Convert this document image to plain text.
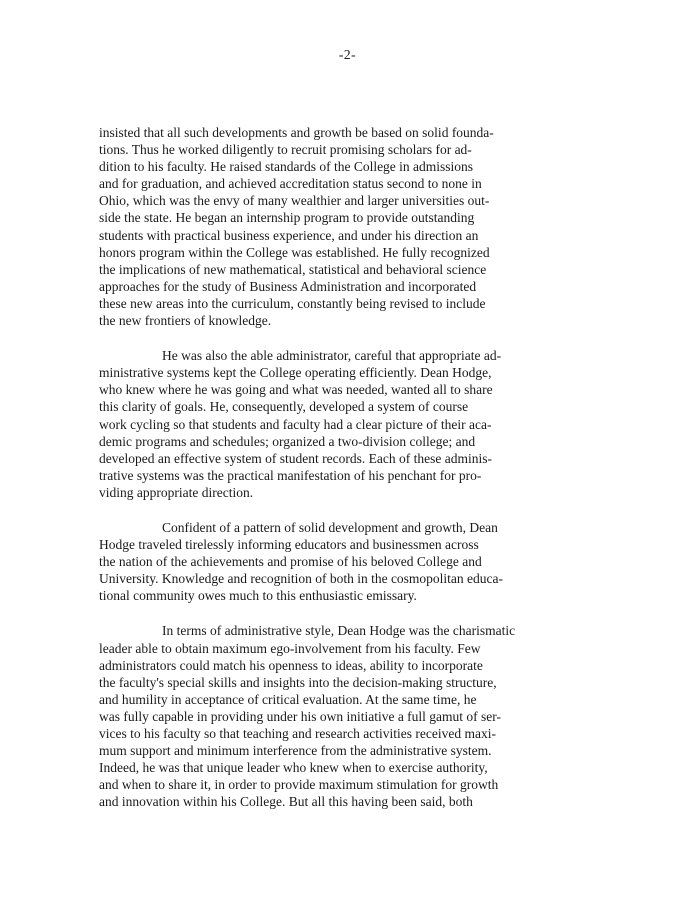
-2-
insisted that all such developments and growth be based on solid founda-
tions. Thus he worked diligently to recruit promising scholars for ad-
dition to his faculty. He raised standards of the College in admissions
and for graduation, and achieved accreditation status second to none in
Ohio, which was the envy of many wealthier and larger universities out-
side the state. He began an internship program to provide outstanding
students with practical business experience, and under his direction an
honors program within the College was established. He fully recognized
the implications of new mathematical, statistical and behavioral science
approaches for the study of Business Administration and incorporated
these new areas into the curriculum, constantly being revised to include
the new frontiers of knowledge.
He was also the able administrator, careful that appropriate ad-
ministrative systems kept the College operating efficiently. Dean Hodge,
who knew where he was going and what was needed, wanted all to share
this clarity of goals. He, consequently, developed a system of course
work cycling so that students and faculty had a clear picture of their aca-
demic programs and schedules; organized a two-division college; and
developed an effective system of student records. Each of these adminis-
trative systems was the practical manifestation of his penchant for pro-
viding appropriate direction.
Confident of a pattern of solid development and growth, Dean
Hodge traveled tirelessly informing educators and businessmen across
the nation of the achievements and promise of his beloved College and
University. Knowledge and recognition of both in the cosmopolitan educa-
tional community owes much to this enthusiastic emissary.
In terms of administrative style, Dean Hodge was the charismatic
leader able to obtain maximum ego-involvement from his faculty. Few
administrators could match his openness to ideas, ability to incorporate
the faculty's special skills and insights into the decision-making structure,
and humility in acceptance of critical evaluation. At the same time, he
was fully capable in providing under his own initiative a full gamut of ser-
vices to his faculty so that teaching and research activities received maxi-
mum support and minimum interference from the administrative system.
Indeed, he was that unique leader who knew when to exercise authority,
and when to share it, in order to provide maximum stimulation for growth
and innovation within his College. But all this having been said, both
